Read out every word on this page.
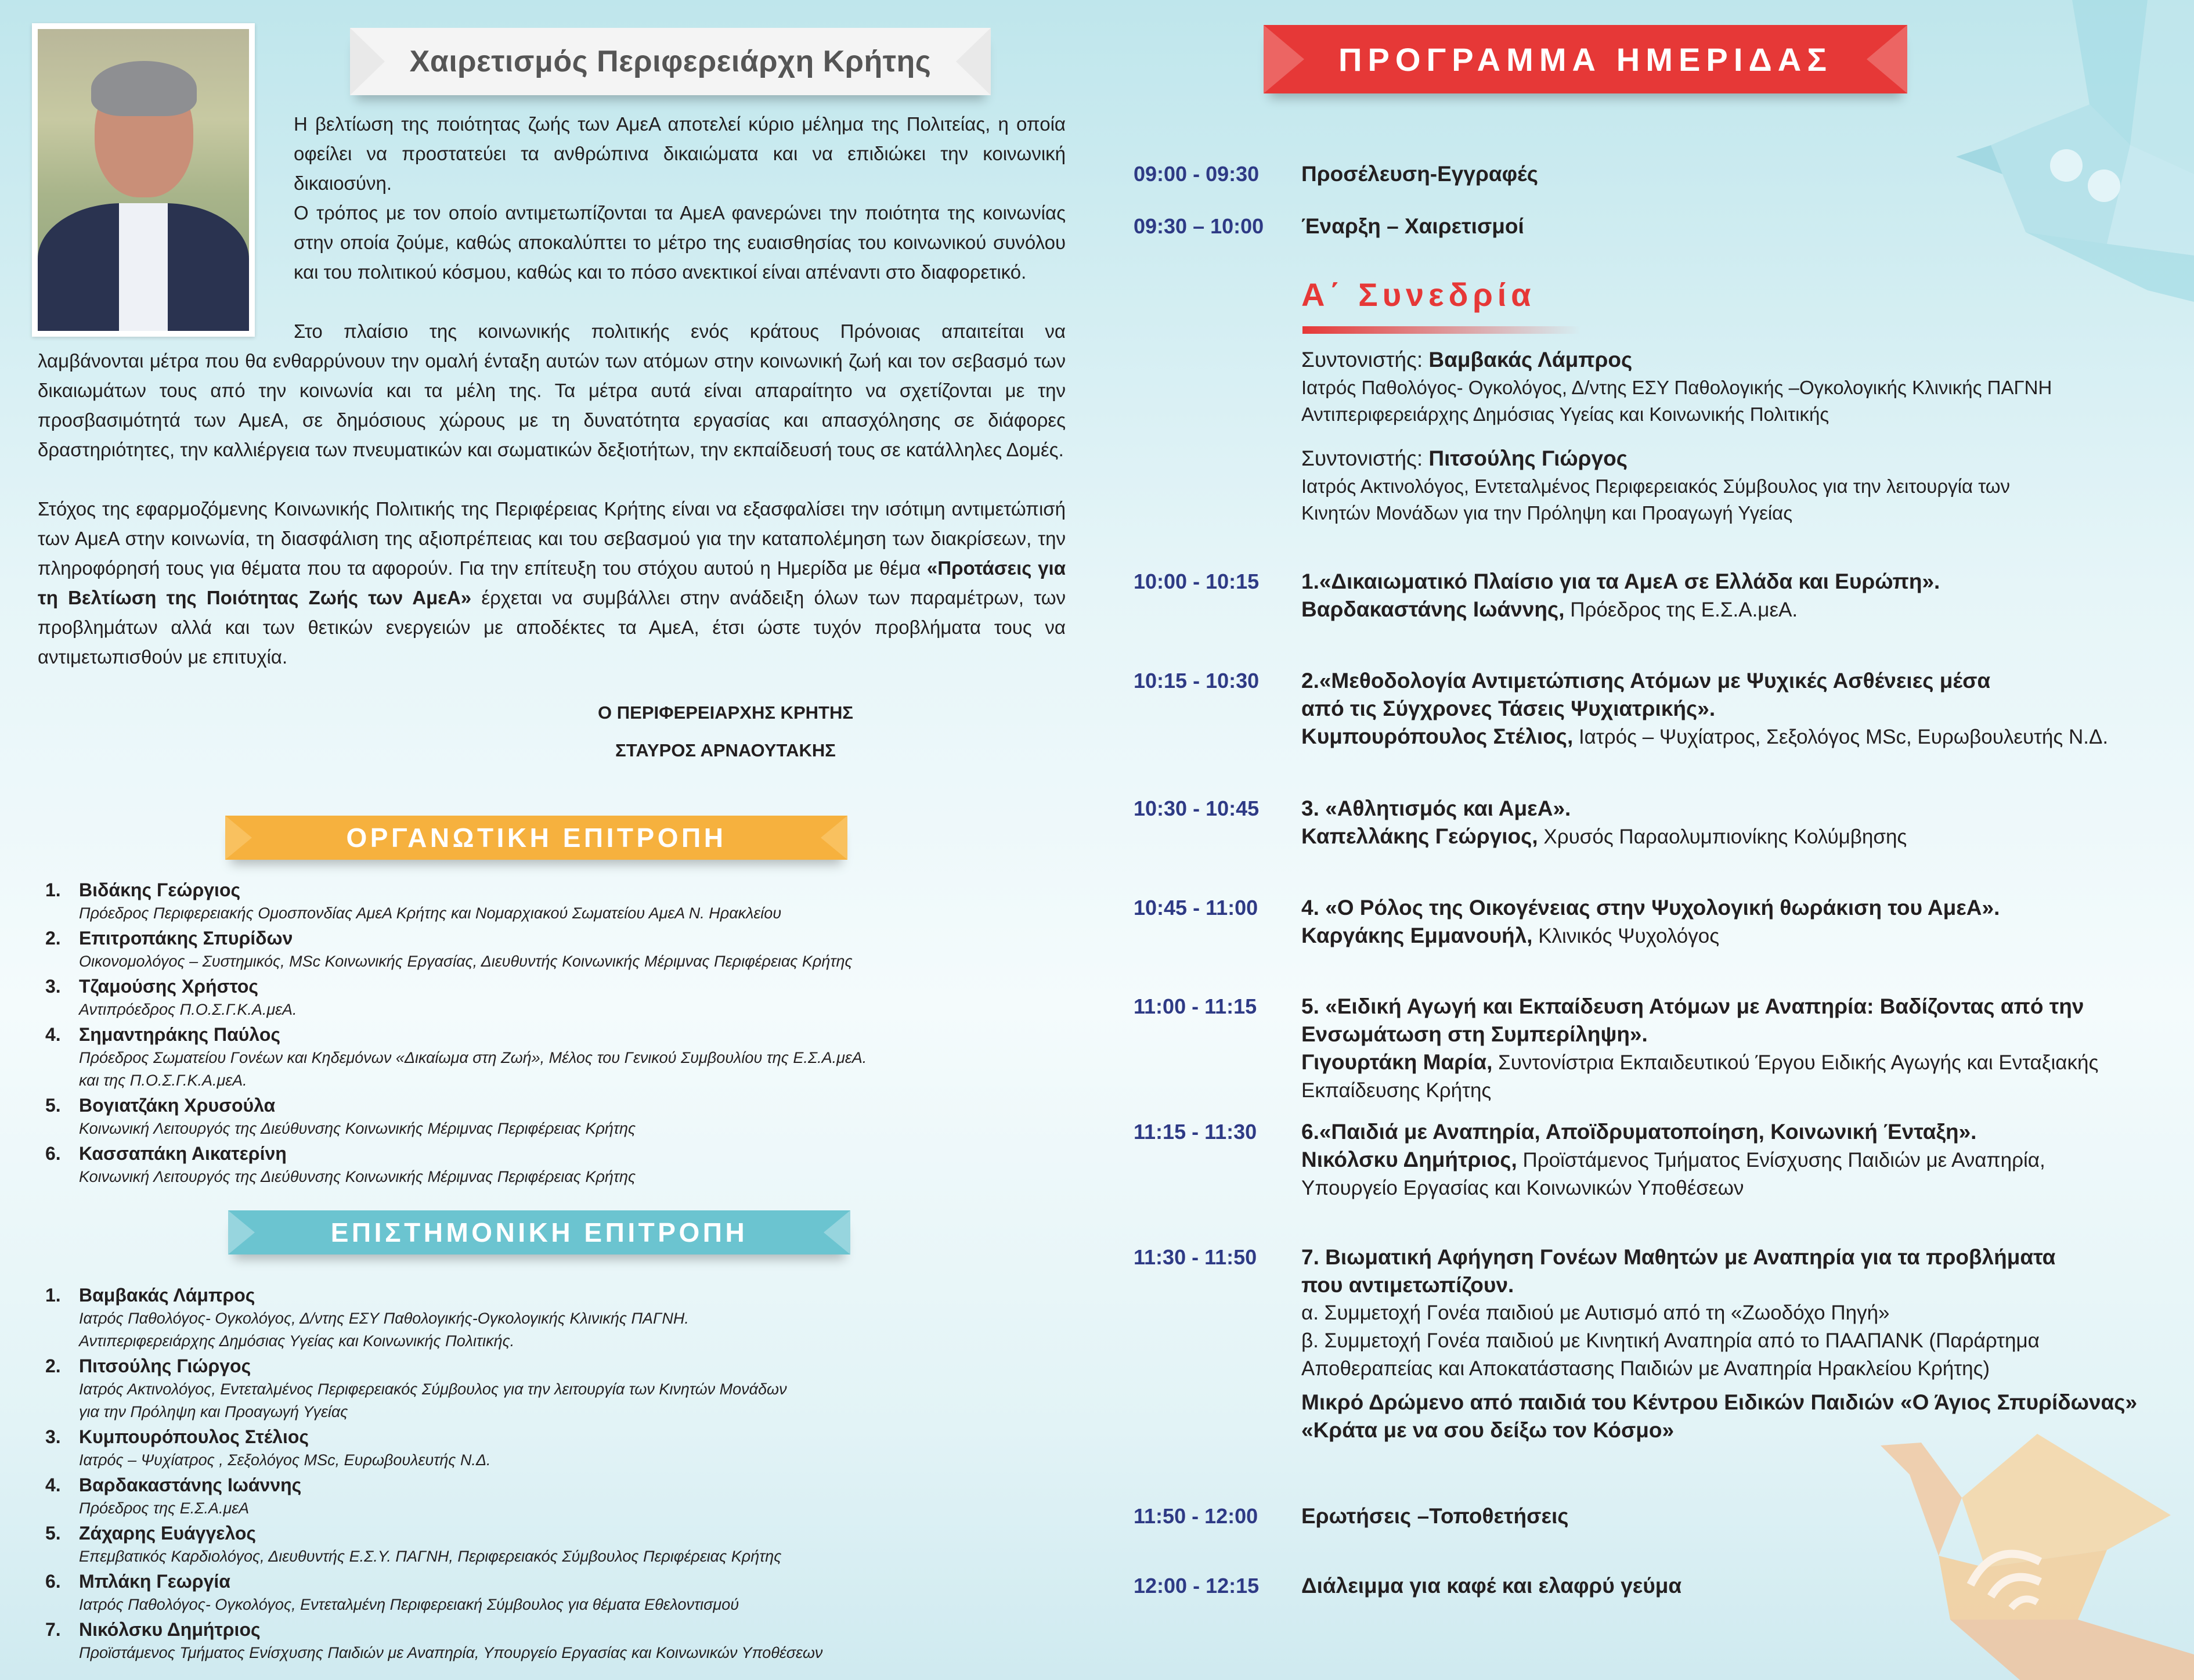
Χαιρετισμός Περιφερειάρχη Κρήτης
Η βελτίωση της ποιότητας ζωής των ΑμεΑ αποτελεί κύριο μέλημα της Πολιτείας, η οποία οφείλει να προστατεύει τα ανθρώπινα δικαιώματα και να επιδιώκει την κοινωνική δικαιοσύνη.
Ο τρόπος με τον οποίο αντιμετωπίζονται τα ΑμεΑ φανερώνει την ποιότητα της κοινωνίας στην οποία ζούμε, καθώς αποκαλύπτει το μέτρο της ευαισθησίας του κοινωνικού συνόλου και του πολιτικού κόσμου, καθώς και το πόσο ανεκτικοί είναι απέναντι στο διαφορετικό.
Στο πλαίσιο της κοινωνικής πολιτικής ενός κράτους Πρόνοιας απαιτείται να
λαμβάνονται μέτρα που θα ενθαρρύνουν την ομαλή ένταξη αυτών των ατόμων στην κοινωνική ζωή και τον σεβασμό των δικαιωμάτων τους από την κοινωνία και τα μέλη της. Τα μέτρα αυτά είναι απαραίτητο να σχετίζονται με την προσβασιμότητά των ΑμεΑ, σε δημόσιους χώρους με τη δυνατότητα εργασίας και απασχόλησης σε διάφορες δραστηριότητες, την καλλιέργεια των πνευματικών και σωματικών δεξιοτήτων, την εκπαίδευσή τους σε κατάλληλες Δομές.
Στόχος της εφαρμοζόμενης Κοινωνικής Πολιτικής της Περιφέρειας Κρήτης είναι να εξασφαλίσει την ισότιμη αντιμετώπισή των ΑμεΑ στην κοινωνία, τη διασφάλιση της αξιοπρέπειας και του σεβασμού για την καταπολέμηση των διακρίσεων, την πληροφόρησή τους για θέματα που τα αφορούν. Για την επίτευξη του στόχου αυτού η Ημερίδα με θέμα «Προτάσεις για τη Βελτίωση της Ποιότητας Ζωής των ΑμεΑ» έρχεται να συμβάλλει στην ανάδειξη όλων των παραμέτρων, των προβλημάτων αλλά και των θετικών ενεργειών με αποδέκτες τα ΑμεΑ, έτσι ώστε τυχόν προβλήματα τους να αντιμετωπισθούν με επιτυχία.
Ο ΠΕΡΙΦΕΡΕΙΑΡΧΗΣ ΚΡΗΤΗΣ
ΣΤΑΥΡΟΣ ΑΡΝΑΟΥΤΑΚΗΣ
ΟΡΓΑΝΩΤΙΚΗ ΕΠΙΤΡΟΠΗ
1. Βιδάκης Γεώργιος
Πρόεδρος Περιφερειακής Ομοσπονδίας ΑμεΑ Κρήτης και Νομαρχιακού Σωματείου ΑμεΑ Ν. Ηρακλείου
2. Επιτροπάκης Σπυρίδων
Οικονομολόγος – Συστημικός, MSc Κοινωνικής Εργασίας, Διευθυντής Κοινωνικής Μέριμνας Περιφέρειας Κρήτης
3. Τζαμούσης Χρήστος
Αντιπρόεδρος Π.Ο.Σ.Γ.Κ.Α.μεΑ.
4. Σημαντηράκης Παύλος
Πρόεδρος Σωματείου Γονέων και Κηδεμόνων «Δικαίωμα στη Ζωή», Μέλος του Γενικού Συμβουλίου της Ε.Σ.Α.μεΑ.
και της Π.Ο.Σ.Γ.Κ.Α.μεΑ.
5. Βογιατζάκη Χρυσούλα
Κοινωνική Λειτουργός της Διεύθυνσης Κοινωνικής Μέριμνας Περιφέρειας Κρήτης
6. Κασσαπάκη Αικατερίνη
Κοινωνική Λειτουργός της Διεύθυνσης Κοινωνικής Μέριμνας Περιφέρειας Κρήτης
ΕΠΙΣΤΗΜΟΝΙΚΗ ΕΠΙΤΡΟΠΗ
1. Βαμβακάς Λάμπρος
Ιατρός Παθολόγος- Ογκολόγος, Δ/ντης ΕΣΥ Παθολογικής-Ογκολογικής Κλινικής ΠΑΓΝΗ.
Αντιπεριφερειάρχης Δημόσιας Υγείας και Κοινωνικής Πολιτικής.
2. Πιτσούλης Γιώργος
Ιατρός Ακτινολόγος, Εντεταλμένος Περιφερειακός Σύμβουλος για την λειτουργία των Κινητών Μονάδων
για την Πρόληψη και Προαγωγή Υγείας
3. Κυμπουρόπουλος Στέλιος
Ιατρός – Ψυχίατρος , Σεξολόγος MSc, Ευρωβουλευτής Ν.Δ.
4. Βαρδακαστάνης Ιωάννης
Πρόεδρος της Ε.Σ.Α.μεΑ
5. Ζάχαρης Ευάγγελος
Επεμβατικός Καρδιολόγος, Διευθυντής Ε.Σ.Υ. ΠΑΓΝΗ, Περιφερειακός Σύμβουλος Περιφέρειας Κρήτης
6. Μπλάκη Γεωργία
Ιατρός Παθολόγος- Ογκολόγος, Εντεταλμένη Περιφερειακή Σύμβουλος για θέματα Εθελοντισμού
7. Νικόλσκυ Δημήτριος
Προϊστάμενος Τμήματος Ενίσχυσης Παιδιών με Αναπηρία, Υπουργείο Εργασίας και Κοινωνικών Υποθέσεων
ΠΡΟΓΡΑΜΜΑ ΗΜΕΡΙΔΑΣ
09:00 - 09:30	Προσέλευση-Εγγραφές
09:30 – 10:00	Έναρξη – Χαιρετισμοί
Α΄ Συνεδρία
Συντονιστής: Βαμβακάς Λάμπρος
Ιατρός Παθολόγος- Ογκολόγος, Δ/ντης ΕΣΥ Παθολογικής –Ογκολογικής Κλινικής ΠΑΓΝΗ
Αντιπεριφερειάρχης Δημόσιας Υγείας και Κοινωνικής Πολιτικής
Συντονιστής: Πιτσούλης Γιώργος
Ιατρός Ακτινολόγος, Εντεταλμένος Περιφερειακός Σύμβουλος για την λειτουργία των
Κινητών Μονάδων για την Πρόληψη και Προαγωγή Υγείας
10:00 - 10:15	1.«Δικαιωματικό Πλαίσιο για τα ΑμεΑ σε Ελλάδα και Ευρώπη».
Βαρδακαστάνης Ιωάννης, Πρόεδρος της Ε.Σ.Α.μεΑ.
10:15 - 10:30	2.«Μεθοδολογία Αντιμετώπισης Ατόμων με Ψυχικές Ασθένειες μέσα
από τις Σύγχρονες Τάσεις Ψυχιατρικής».
Κυμπουρόπουλος Στέλιος, Ιατρός – Ψυχίατρος, Σεξολόγος MSc, Ευρωβουλευτής Ν.Δ.
10:30 - 10:45	3. «Αθλητισμός και ΑμεΑ».
Καπελλάκης Γεώργιος, Χρυσός Παραολυμπιονίκης Κολύμβησης
10:45 - 11:00	4. «Ο Ρόλος της Οικογένειας στην Ψυχολογική θωράκιση του ΑμεΑ».
Καργάκης Εμμανουήλ, Κλινικός Ψυχολόγος
11:00 - 11:15	5. «Ειδική Αγωγή και Εκπαίδευση Ατόμων με Αναπηρία: Βαδίζοντας από την
Ενσωμάτωση στη Συμπερίληψη».
Γιγουρτάκη Μαρία, Συντονίστρια Εκπαιδευτικού Έργου Ειδικής Αγωγής και Ενταξιακής
Εκπαίδευσης Κρήτης
11:15 - 11:30	6.«Παιδιά με Αναπηρία, Αποϊδρυματοποίηση, Κοινωνική Ένταξη».
Νικόλσκυ Δημήτριος, Προϊστάμενος Τμήματος Ενίσχυσης Παιδιών με Αναπηρία,
Υπουργείο Εργασίας και Κοινωνικών Υποθέσεων
11:30 - 11:50	7. Βιωματική Αφήγηση Γονέων Μαθητών με Αναπηρία για τα προβλήματα
που αντιμετωπίζουν.
α. Συμμετοχή Γονέα παιδιού με Αυτισμό από τη «Ζωοδόχο Πηγή»
β. Συμμετοχή Γονέα παιδιού με Κινητική Αναπηρία από το ΠΑΑΠΑΝΚ (Παράρτημα
Αποθεραπείας και Αποκατάστασης Παιδιών με Αναπηρία Ηρακλείου Κρήτης)
Μικρό Δρώμενο από παιδιά του Κέντρου Ειδικών Παιδιών «Ο Άγιος Σπυρίδωνας»
«Κράτα με να σου δείξω τον Κόσμο»
11:50 - 12:00	Ερωτήσεις –Τοποθετήσεις
12:00 - 12:15	Διάλειμμα για καφέ και ελαφρύ γεύμα
